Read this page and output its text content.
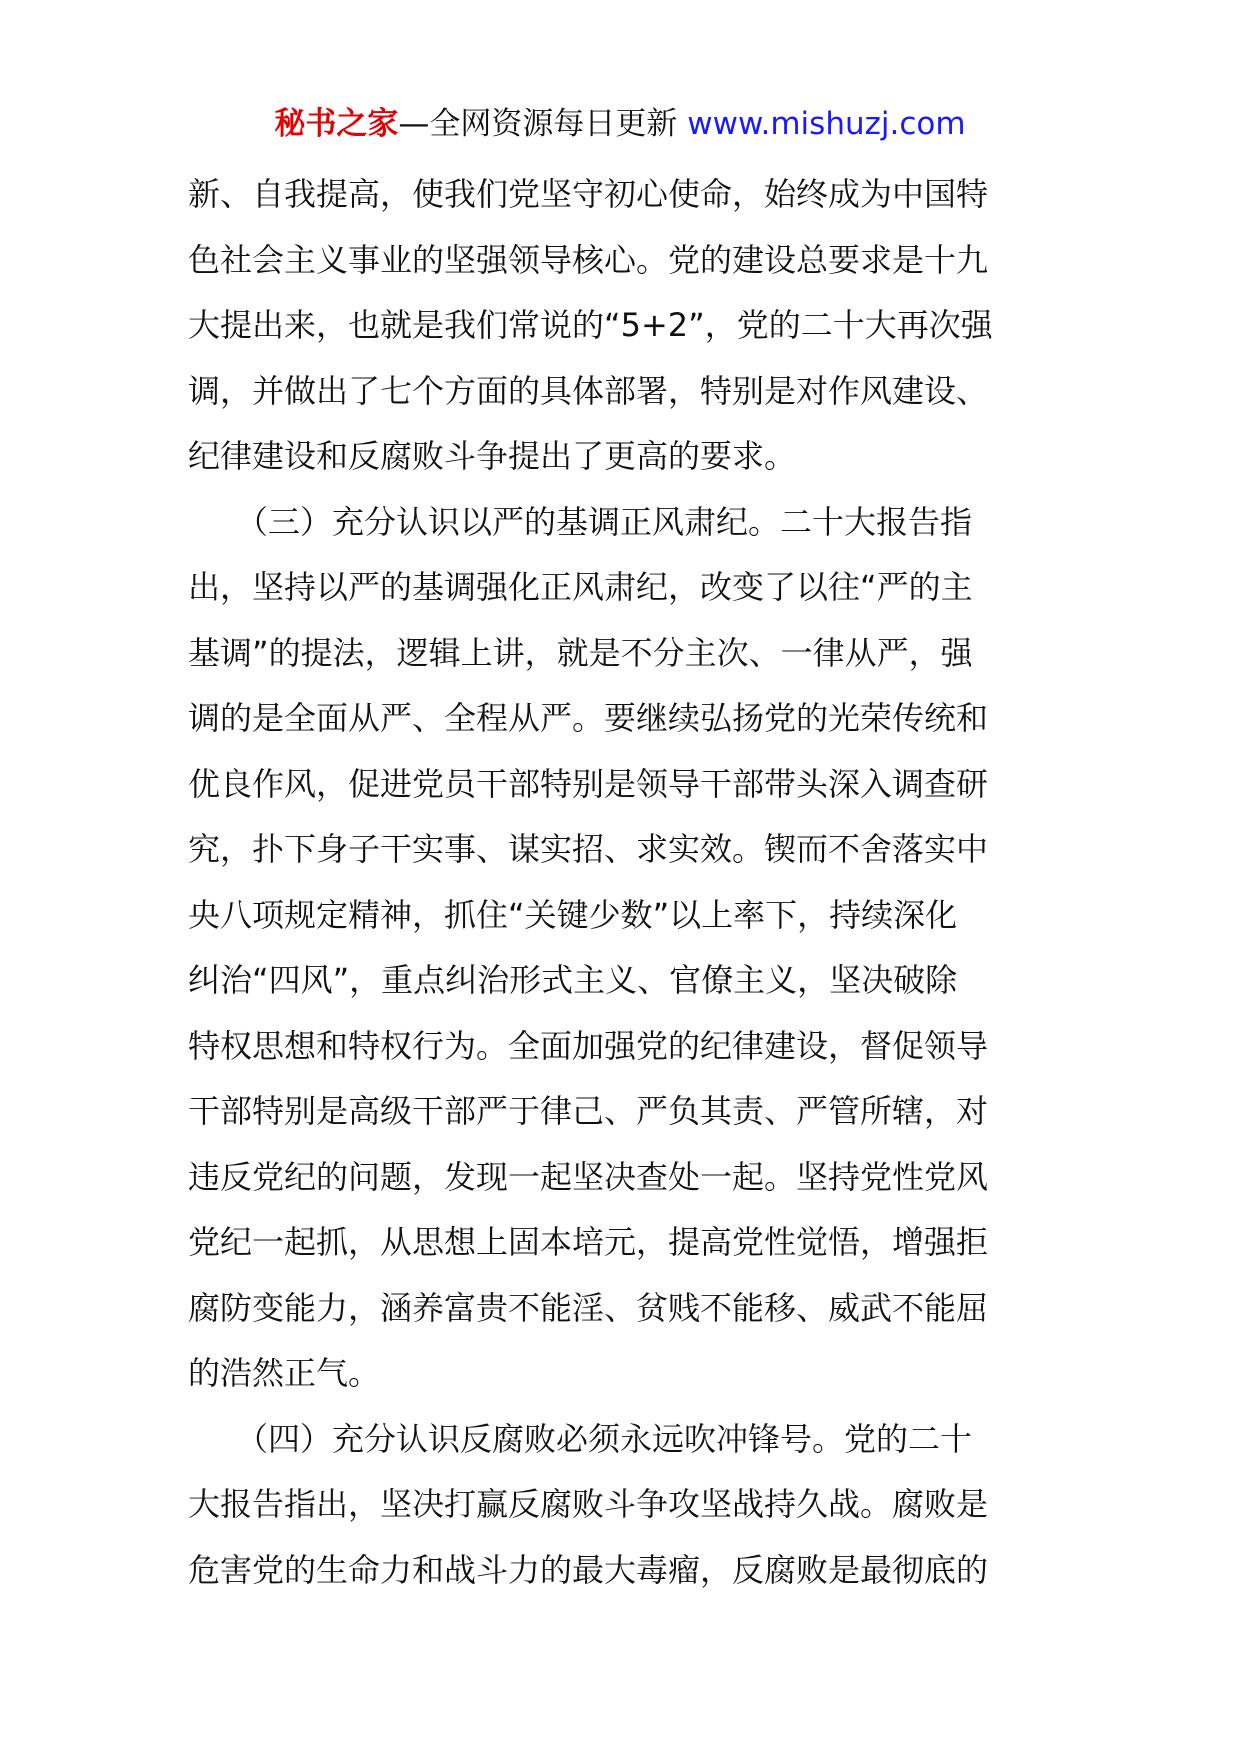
秘书之家—全网资源每日更新 www.mishuzj.com
新、自我提高，使我们党坚守初心使命，始终成为中国特
色社会主义事业的坚强领导核心。党的建设总要求是十九
大提出来，也就是我们常说的“5+2”，党的二十大再次强
调，并做出了七个方面的具体部署，特别是对作风建设、
纪律建设和反腐败斗争提出了更高的要求。
　　（三）充分认识以严的基调正风肃纪。二十大报告指
出，坚持以严的基调强化正风肃纪，改变了以往“严的主
基调”的提法，逻辑上讲，就是不分主次、一律从严，强
调的是全面从严、全程从严。要继续弘扬党的光荣传统和
优良作风，促进党员干部特别是领导干部带头深入调查研
究，扑下身子干实事、谋实招、求实效。锲而不舍落实中
央八项规定精神，抓住“关键少数”以上率下，持续深化
纠治“四风”，重点纠治形式主义、官僚主义，坚决破除
特权思想和特权行为。全面加强党的纪律建设，督促领导
干部特别是高级干部严于律己、严负其责、严管所辖，对
违反党纪的问题，发现一起坚决查处一起。坚持党性党风
党纪一起抓，从思想上固本培元，提高党性觉悟，增强拒
腐防变能力，涵养富贵不能淫、贫贱不能移、威武不能屈
的浩然正气。
　　（四）充分认识反腐败必须永远吹冲锋号。党的二十
大报告指出，坚决打赢反腐败斗争攻坚战持久战。腐败是
危害党的生命力和战斗力的最大毒瘤，反腐败是最彻底的
